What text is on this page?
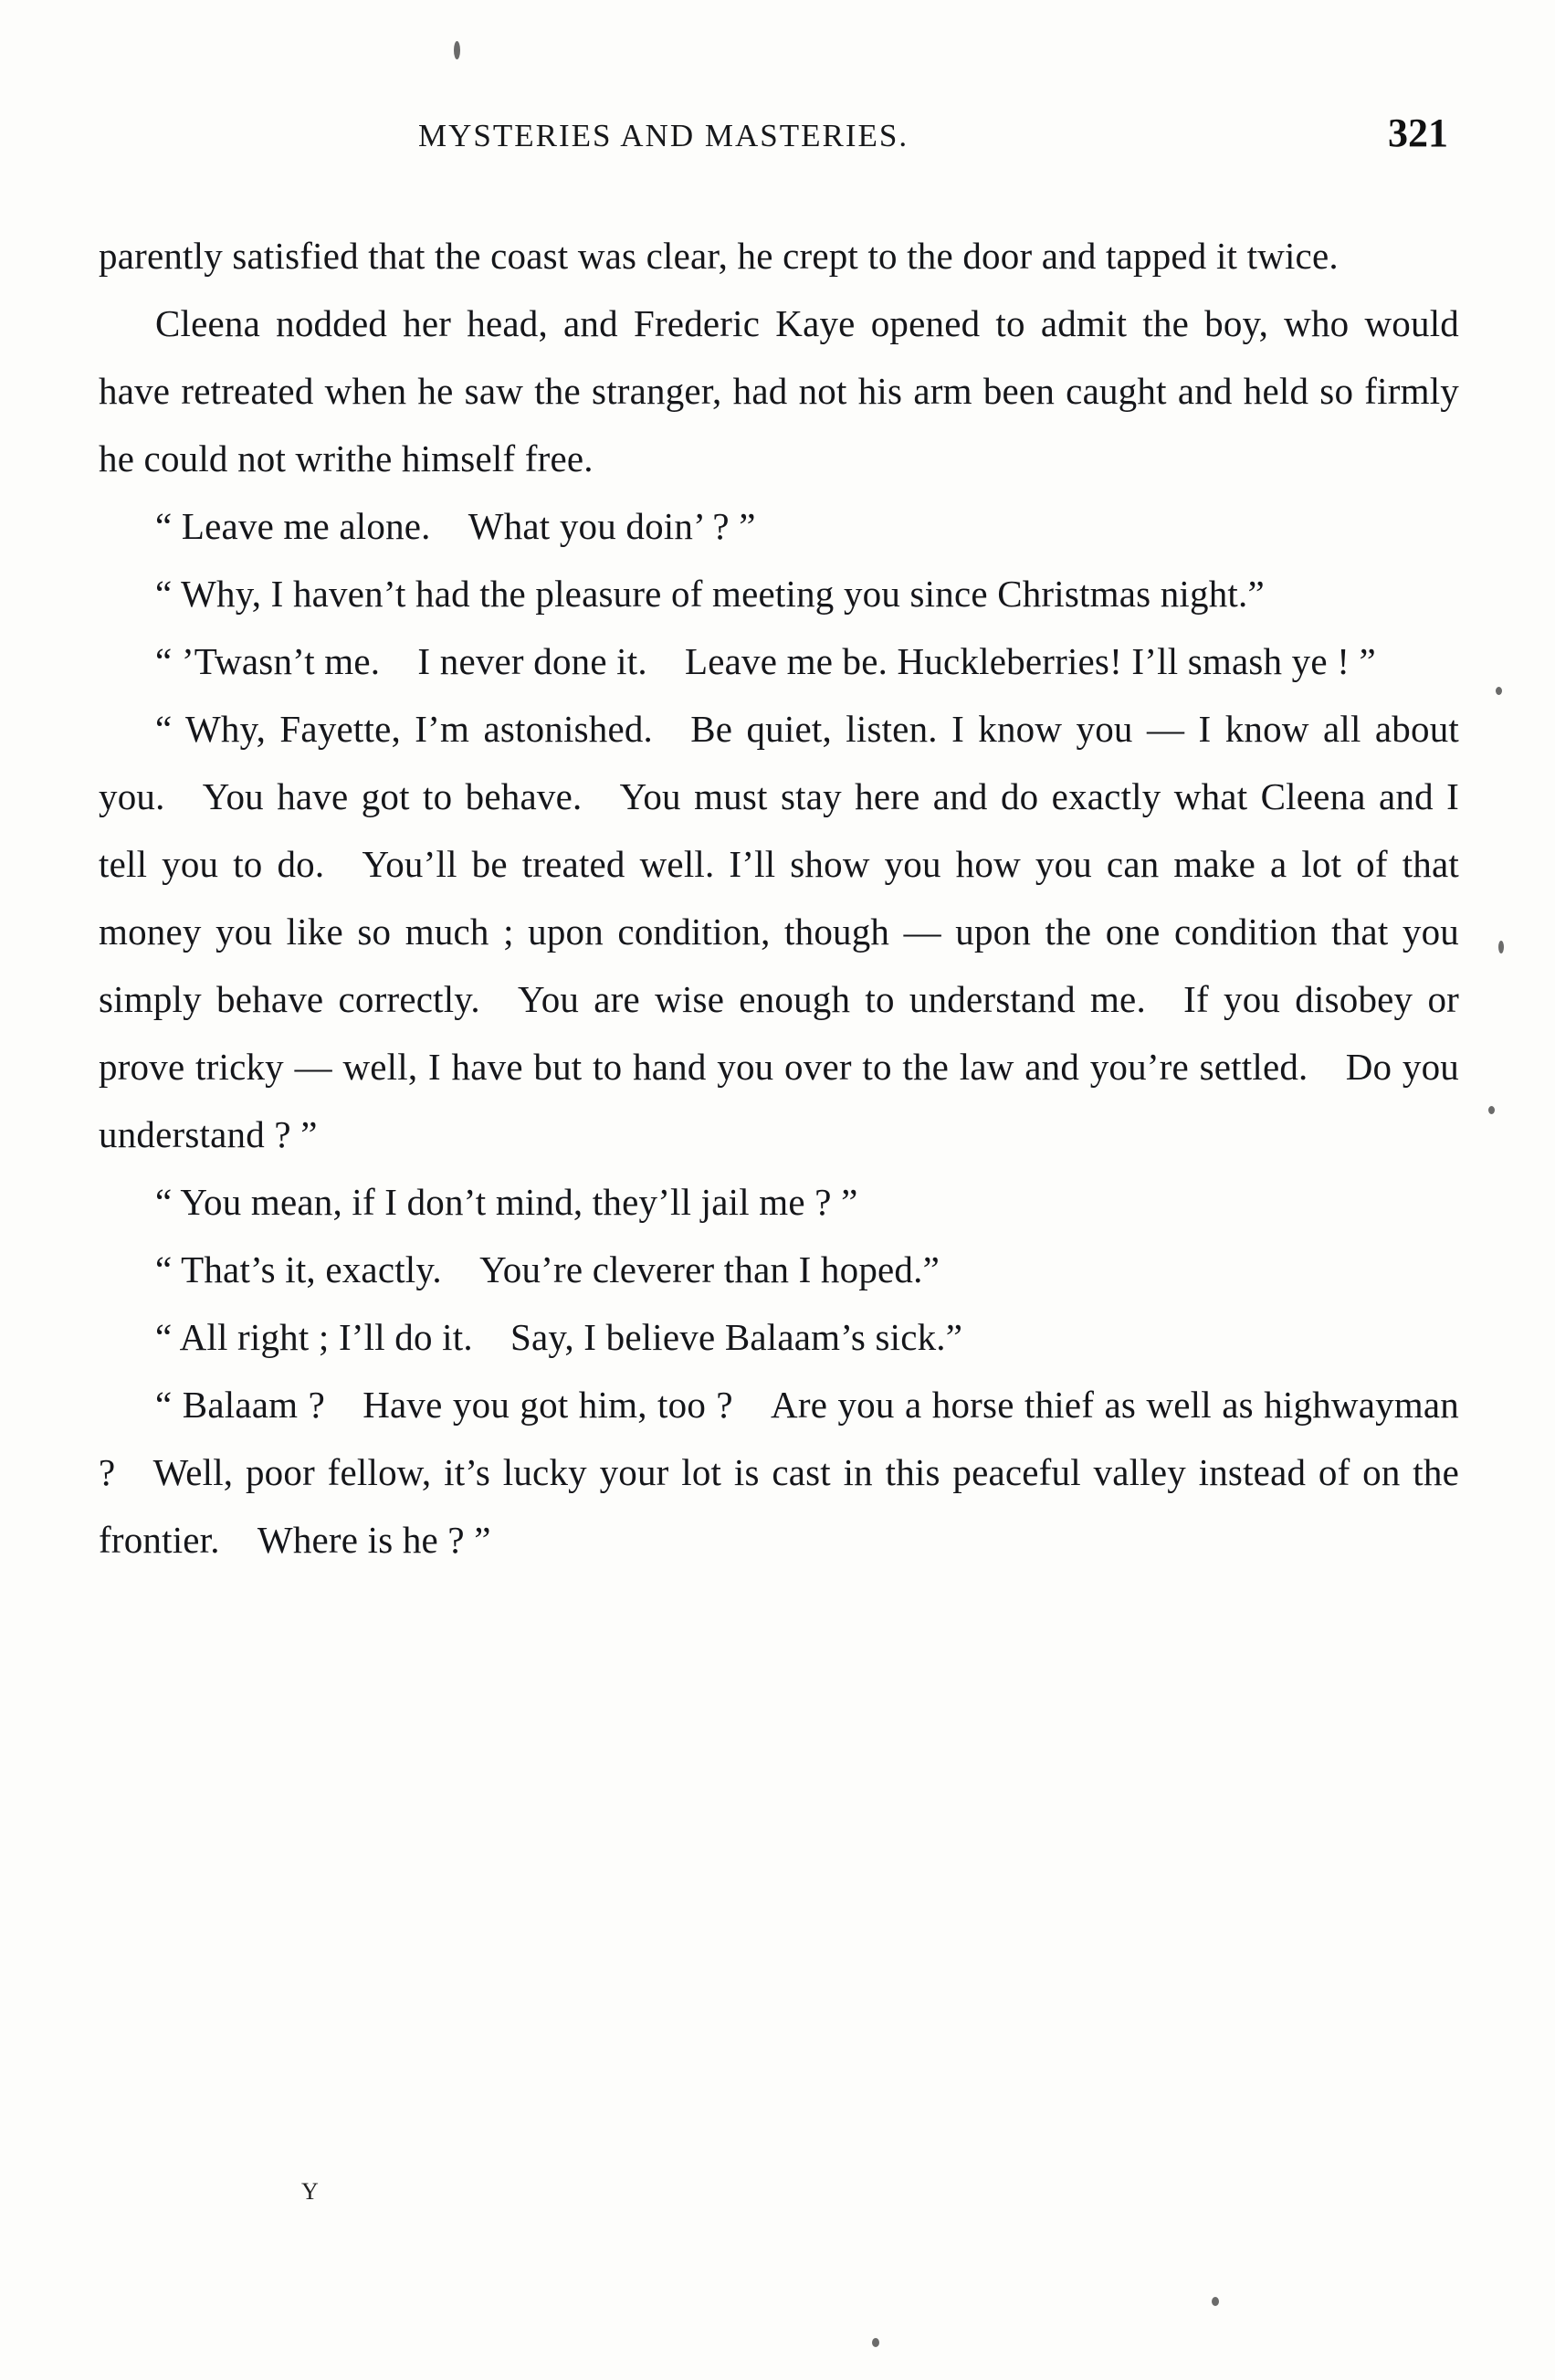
MYSTERIES AND MASTERIES.	321

parently satisfied that the coast was clear, he crept to the door and tapped it twice.

Cleena nodded her head, and Frederic Kaye opened to admit the boy, who would have retreated when he saw the stranger, had not his arm been caught and held so firmly he could not writhe himself free.

“ Leave me alone. What you doin’ ? ”

“ Why, I haven’t had the pleasure of meeting you since Christmas night.”

“ ’Twasn’t me. I never done it. Leave me be. Huckleberries! I’ll smash ye ! ”

“ Why, Fayette, I’m astonished. Be quiet, listen. I know you — I know all about you. You have got to behave. You must stay here and do exactly what Cleena and I tell you to do. You’ll be treated well. I’ll show you how you can make a lot of that money you like so much ; upon condition, though — upon the one condition that you simply behave correctly. You are wise enough to understand me. If you disobey or prove tricky — well, I have but to hand you over to the law and you’re settled. Do you understand ? ”

“ You mean, if I don’t mind, they’ll jail me ? ”

“ That’s it, exactly. You’re cleverer than I hoped.”

“ All right ; I’ll do it. Say, I believe Balaam’s sick.”

“ Balaam ? Have you got him, too ? Are you a horse thief as well as highwayman ? Well, poor fellow, it’s lucky your lot is cast in this peaceful valley instead of on the frontier. Where is he ? ”

Y
